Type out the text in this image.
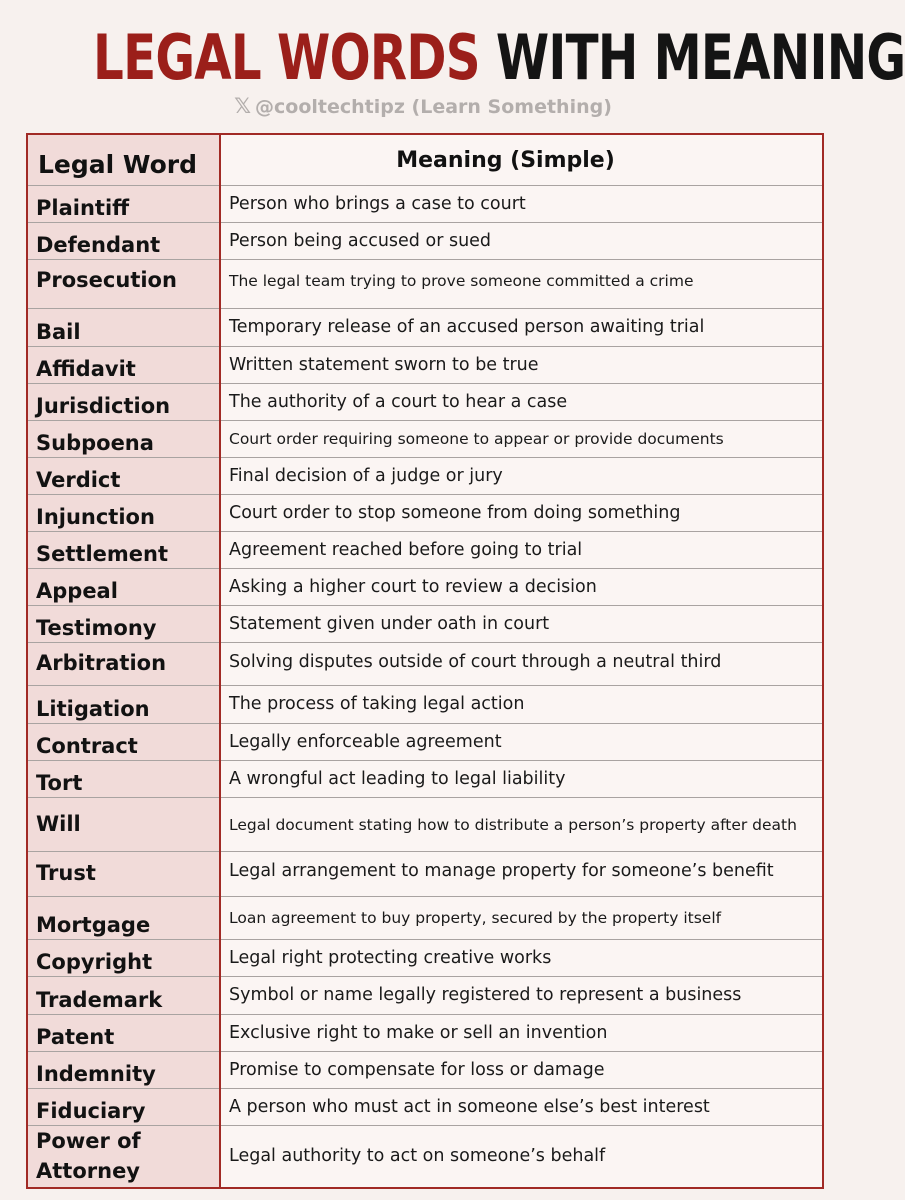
LEGAL WORDS WITH MEANING
𝕏 @cooltechtipz (Learn Something)
Legal Word	Meaning (Simple)
Plaintiff	Person who brings a case to court
Defendant	Person being accused or sued
Prosecution	The legal team trying to prove someone committed a crime
Bail	Temporary release of an accused person awaiting trial
Affidavit	Written statement sworn to be true
Jurisdiction	The authority of a court to hear a case
Subpoena	Court order requiring someone to appear or provide documents
Verdict	Final decision of a judge or jury
Injunction	Court order to stop someone from doing something
Settlement	Agreement reached before going to trial
Appeal	Asking a higher court to review a decision
Testimony	Statement given under oath in court
Arbitration	Solving disputes outside of court through a neutral third
Litigation	The process of taking legal action
Contract	Legally enforceable agreement
Tort	A wrongful act leading to legal liability
Will	Legal document stating how to distribute a person’s property after death
Trust	Legal arrangement to manage property for someone’s benefit
Mortgage	Loan agreement to buy property, secured by the property itself
Copyright	Legal right protecting creative works
Trademark	Symbol or name legally registered to represent a business
Patent	Exclusive right to make or sell an invention
Indemnity	Promise to compensate for loss or damage
Fiduciary	A person who must act in someone else’s best interest
Power of Attorney	Legal authority to act on someone’s behalf
